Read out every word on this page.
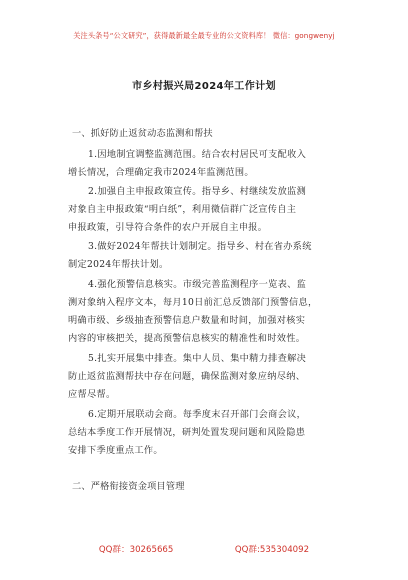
关注头条号“公文研究”，获得最新最全最专业的公文资料库！ 微信：gongwenyj
市乡村振兴局2024年工作计划
一、抓好防止返贫动态监测和帮扶
1.因地制宜调整监测范围。结合农村居民可支配收入
增长情况，合理确定我市2024年监测范围。
2.加强自主申报政策宣传。指导乡、村继续发放监测
对象自主申报政策“明白纸”，利用微信群广泛宣传自主
申报政策，引导符合条件的农户开展自主申报。
3.做好2024年帮扶计划制定。指导乡、村在省办系统
制定2024年帮扶计划。
4.强化预警信息核实。市级完善监测程序一览表、监
测对象纳入程序文本，每月10日前汇总反馈部门预警信息，
明确市级、乡级抽查预警信息户数量和时间，加强对核实
内容的审核把关，提高预警信息核实的精准性和时效性。
5.扎实开展集中排查。集中人员、集中精力排查解决
防止返贫监测帮扶中存在问题，确保监测对象应纳尽纳、
应帮尽帮。
6.定期开展联动会商。每季度末召开部门会商会议，
总结本季度工作开展情况，研判处置发现问题和风险隐患
安排下季度重点工作。
二、严格衔接资金项目管理
QQ群：30265665	QQ群:535304092
